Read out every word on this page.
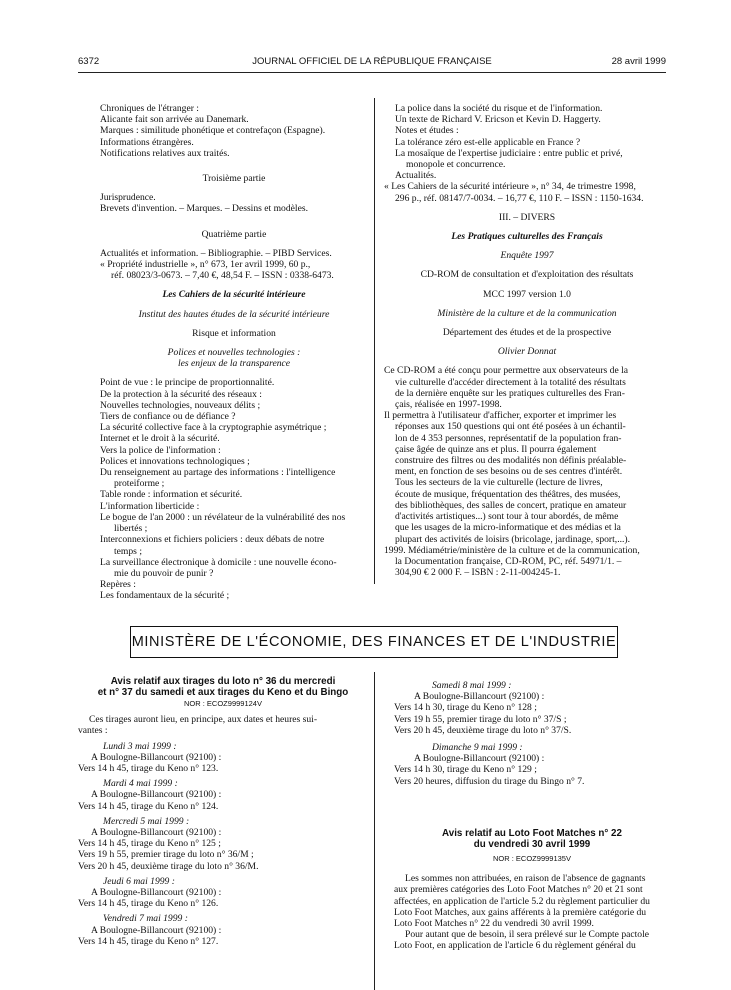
6372	JOURNAL OFFICIEL DE LA RÉPUBLIQUE FRANÇAISE	28 avril 1999
Chroniques de l'étranger :
Alicante fait son arrivée au Danemark.
Marques : similitude phonétique et contrefaçon (Espagne).
Informations étrangères.
Notifications relatives aux traités.
Troisième partie
Jurisprudence.
Brevets d'invention. – Marques. – Dessins et modèles.
Quatrième partie
Actualités et information. – Bibliographie. – PIBD Services.
« Propriété industrielle », n° 673, 1er avril 1999, 60 p.,
réf. 08023/3-0673. – 7,40 €, 48,54 F. – ISSN : 0338-6473.
Les Cahiers de la sécurité intérieure
Institut des hautes études de la sécurité intérieure
Risque et information
Polices et nouvelles technologies :
les enjeux de la transparence
Point de vue : le principe de proportionnalité.
De la protection à la sécurité des réseaux :
Nouvelles technologies, nouveaux délits ;
Tiers de confiance ou de défiance ?
La sécurité collective face à la cryptographie asymétrique ;
Internet et le droit à la sécurité.
Vers la police de l'information :
Polices et innovations technologiques ;
Du renseignement au partage des informations : l'intelligence
proteiforme ;
Table ronde : information et sécurité.
L'information liberticide :
Le bogue de l'an 2000 : un révélateur de la vulnérabilité des nos
libertés ;
Interconnexions et fichiers policiers : deux débats de notre
temps ;
La surveillance électronique à domicile : une nouvelle écono-
mie du pouvoir de punir ?
Repères :
Les fondamentaux de la sécurité ;
La police dans la société du risque et de l'information.
Un texte de Richard V. Ericson et Kevin D. Haggerty.
Notes et études :
La tolérance zéro est-elle applicable en France ?
La mosaïque de l'expertise judiciaire : entre public et privé,
monopole et concurrence.
Actualités.
« Les Cahiers de la sécurité intérieure », n° 34, 4e trimestre 1998,
296 p., réf. 08147/7-0034. – 16,77 €, 110 F. – ISSN : 1150-1634.
III. – DIVERS
Les Pratiques culturelles des Français
Enquête 1997
CD-ROM de consultation et d'exploitation des résultats
MCC 1997 version 1.0
Ministère de la culture et de la communication
Département des études et de la prospective
Olivier Donnat
Ce CD-ROM a été conçu pour permettre aux observateurs de la
vie culturelle d'accéder directement à la totalité des résultats
de la dernière enquête sur les pratiques culturelles des Fran-
çais, réalisée en 1997-1998.
Il permettra à l'utilisateur d'afficher, exporter et imprimer les
réponses aux 150 questions qui ont été posées à un échantil-
lon de 4 353 personnes, représentatif de la population fran-
çaise âgée de quinze ans et plus. Il pourra également
construire des filtres ou des modalités non définis préalable-
ment, en fonction de ses besoins ou de ses centres d'intérêt.
Tous les secteurs de la vie culturelle (lecture de livres,
écoute de musique, fréquentation des théâtres, des musées,
des bibliothèques, des salles de concert, pratique en amateur
d'activités artistiques...) sont tour à tour abordés, de même
que les usages de la micro-informatique et des médias et la
plupart des activités de loisirs (bricolage, jardinage, sport,...).
1999. Médiamétrie/ministère de la culture et de la communication,
la Documentation française, CD-ROM, PC, réf. 54971/1. –
304,90 € 2 000 F. – ISBN : 2-11-004245-1.
MINISTÈRE DE L'ÉCONOMIE, DES FINANCES ET DE L'INDUSTRIE
Avis relatif aux tirages du loto n° 36 du mercredi
et n° 37 du samedi et aux tirages du Keno et du Bingo
NOR : ECOZ9999124V
Ces tirages auront lieu, en principe, aux dates et heures sui-
vantes :
Lundi 3 mai 1999 :
A Boulogne-Billancourt (92100) :
Vers 14 h 45, tirage du Keno n° 123.
Mardi 4 mai 1999 :
A Boulogne-Billancourt (92100) :
Vers 14 h 45, tirage du Keno n° 124.
Mercredi 5 mai 1999 :
A Boulogne-Billancourt (92100) :
Vers 14 h 45, tirage du Keno n° 125 ;
Vers 19 h 55, premier tirage du loto n° 36/M ;
Vers 20 h 45, deuxième tirage du loto n° 36/M.
Jeudi 6 mai 1999 :
A Boulogne-Billancourt (92100) :
Vers 14 h 45, tirage du Keno n° 126.
Vendredi 7 mai 1999 :
A Boulogne-Billancourt (92100) :
Vers 14 h 45, tirage du Keno n° 127.
Samedi 8 mai 1999 :
A Boulogne-Billancourt (92100) :
Vers 14 h 30, tirage du Keno n° 128 ;
Vers 19 h 55, premier tirage du loto n° 37/S ;
Vers 20 h 45, deuxième tirage du loto n° 37/S.
Dimanche 9 mai 1999 :
A Boulogne-Billancourt (92100) :
Vers 14 h 30, tirage du Keno n° 129 ;
Vers 20 heures, diffusion du tirage du Bingo n° 7.
Avis relatif au Loto Foot Matches n° 22
du vendredi 30 avril 1999
NOR : ECOZ9999135V
Les sommes non attribuées, en raison de l'absence de gagnants
aux premières catégories des Loto Foot Matches n° 20 et 21 sont
affectées, en application de l'article 5.2 du règlement particulier du
Loto Foot Matches, aux gains afférents à la première catégorie du
Loto Foot Matches n° 22 du vendredi 30 avril 1999.
Pour autant que de besoin, il sera prélevé sur le Compte pactole
Loto Foot, en application de l'article 6 du règlement général du
